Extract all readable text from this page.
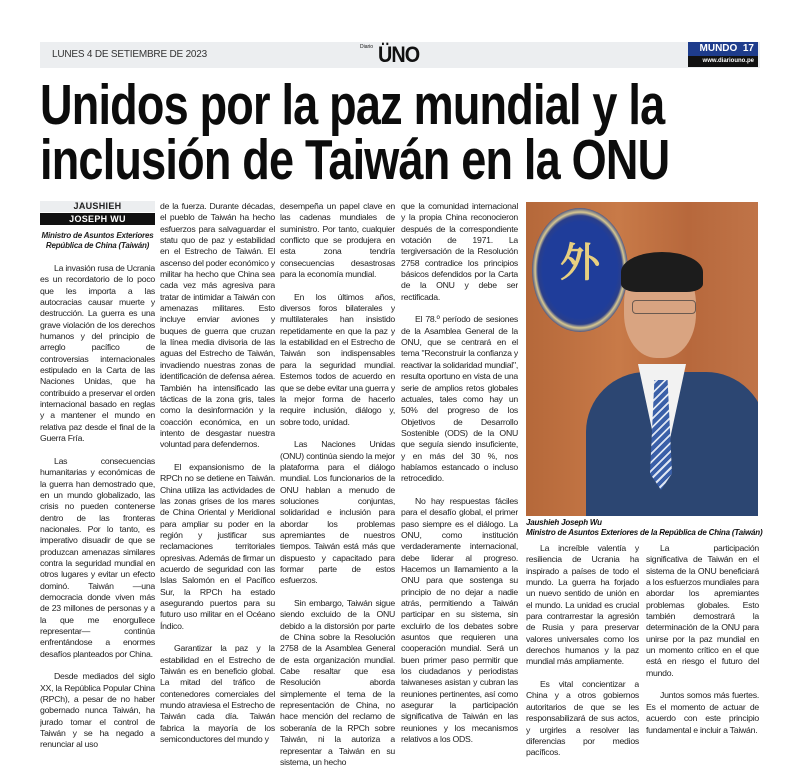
LUNES 4 DE SETIEMBRE DE 2023
Diario ÜNO	MUNDO 17
www.diariouno.pe
Unidos por la paz mundial y la
inclusión de Taiwán en la ONU
JAUSHIEH
JOSEPH WU
Ministro de Asuntos Exteriores
República de China (Taiwán)

La invasión rusa de Ucrania es un recordatorio de lo poco que les importa a las autocracias causar muerte y destrucción. La guerra es una grave violación de los derechos humanos y del principio de arreglo pacífico de controversias internacionales estipulado en la Carta de las Naciones Unidas, que ha contribuido a preservar el orden internacional basado en reglas y a mantener el mundo en relativa paz desde el final de la Guerra Fría.

Las consecuencias humanitarias y económicas de la guerra han demostrado que, en un mundo globalizado, las crisis no pueden contenerse dentro de las fronteras nacionales. Por lo tanto, es imperativo disuadir de que se produzcan amenazas similares contra la seguridad mundial en otros lugares y evitar un efecto dominó. Taiwán —una democracia donde viven más de 23 millones de personas y a la que me enorgullece representar— continúa enfrentándose a enormes desafíos planteados por China.

Desde mediados del siglo XX, la República Popular China (RPCh), a pesar de no haber gobernado nunca Taiwán, ha jurado tomar el control de Taiwán y se ha negado a renunciar al uso

de la fuerza. Durante décadas, el pueblo de Taiwán ha hecho esfuerzos para salvaguardar el statu quo de paz y estabilidad en el Estrecho de Taiwán. El ascenso del poder económico y militar ha hecho que China sea cada vez más agresiva para tratar de intimidar a Taiwán con amenazas militares. Esto incluye enviar aviones y buques de guerra que cruzan la línea media divisoria de las aguas del Estrecho de Taiwán, invadiendo nuestras zonas de identificación de defensa aérea. También ha intensificado las tácticas de la zona gris, tales como la desinformación y la coacción económica, en un intento de desgastar nuestra voluntad para defendernos.

El expansionismo de la RPCh no se detiene en Taiwán. China utiliza las actividades de las zonas grises de los mares de China Oriental y Meridional para ampliar su poder en la región y justificar sus reclamaciones territoriales opresivas. Además de firmar un acuerdo de seguridad con las Islas Salomón en el Pacífico Sur, la RPCh ha estado asegurando puertos para su futuro uso militar en el Océano Índico.

Garantizar la paz y la estabilidad en el Estrecho de Taiwán es en beneficio global. La mitad del tráfico de contenedores comerciales del mundo atraviesa el Estrecho de Taiwán cada día. Taiwán fabrica la mayoría de los semiconductores del mundo y

desempeña un papel clave en las cadenas mundiales de suministro. Por tanto, cualquier conflicto que se produjera en esta zona tendría consecuencias desastrosas para la economía mundial.

En los últimos años, diversos foros bilaterales y multilaterales han insistido repetidamente en que la paz y la estabilidad en el Estrecho de Taiwán son indispensables para la seguridad mundial. Estemos todos de acuerdo en que se debe evitar una guerra y la mejor forma de hacerlo require inclusión, diálogo y, sobre todo, unidad.

Las Naciones Unidas (ONU) continúa siendo la mejor plataforma para el diálogo mundial. Los funcionarios de la ONU hablan a menudo de soluciones conjuntas, solidaridad e inclusión para abordar los problemas apremiantes de nuestros tiempos. Taiwán está más que dispuesto y capacitado para formar parte de estos esfuerzos.

Sin embargo, Taiwán sigue siendo excluido de la ONU debido a la distorsión por parte de China sobre la Resolución 2758 de la Asamblea General de esta organización mundial. Cabe resaltar que esa Resolución aborda simplemente el tema de la representación de China, no hace mención del reclamo de soberanía de la RPCh sobre Taiwán, ni la autoriza a representar a Taiwán en su sistema, un hecho

que la comunidad internacional y la propia China reconocieron después de la correspondiente votación de 1971. La tergiversación de la Resolución 2758 contradice los principios básicos defendidos por la Carta de la ONU y debe ser rectificada.

El 78.º período de sesiones de la Asamblea General de la ONU, que se centrará en el tema "Reconstruir la confianza y reactivar la solidaridad mundial", resulta oportuno en vista de una serie de amplios retos globales actuales, tales como hay un 50% del progreso de los Objetivos de Desarrollo Sostenible (ODS) de la ONU que seguía siendo insuficiente, y en más del 30 %, nos habíamos estancado o incluso retrocedido.

No hay respuestas fáciles para el desafío global, el primer paso siempre es el diálogo. La ONU, como institución verdaderamente internacional, debe liderar al progreso. Hacemos un llamamiento a la ONU para que sostenga su principio de no dejar a nadie atrás, permitiendo a Taiwán participar en su sistema, sin excluirlo de los debates sobre asuntos que requieren una cooperación mundial. Será un buen primer paso permitir que los ciudadanos y periodistas taiwaneses asistan y cubran las reuniones pertinentes, así como asegurar la participación significativa de Taiwán en las reuniones y los mecanismos relativos a los ODS.

外
Jaushieh Joseph Wu
Ministro de Asuntos Exteriores de la República de China (Taiwán)

La increíble valentía y resiliencia de Ucrania ha inspirado a países de todo el mundo. La guerra ha forjado un nuevo sentido de unión en el mundo. La unidad es crucial para contrarrestar la agresión de Rusia y para preservar valores universales como los derechos humanos y la paz mundial más ampliamente.

Es vital concientizar a China y a otros gobiernos autoritarios de que se les responsabilizará de sus actos, y urgirles a resolver las diferencias por medios pacíficos.

La participación significativa de Taiwán en el sistema de la ONU beneficiará a los esfuerzos mundiales para abordar los apremiantes problemas globales. Esto también demostrará la determinación de la ONU para unirse por la paz mundial en un momento crítico en el que está en riesgo el futuro del mundo.

Juntos somos más fuertes. Es el momento de actuar de acuerdo con este principio fundamental e incluir a Taiwán.
